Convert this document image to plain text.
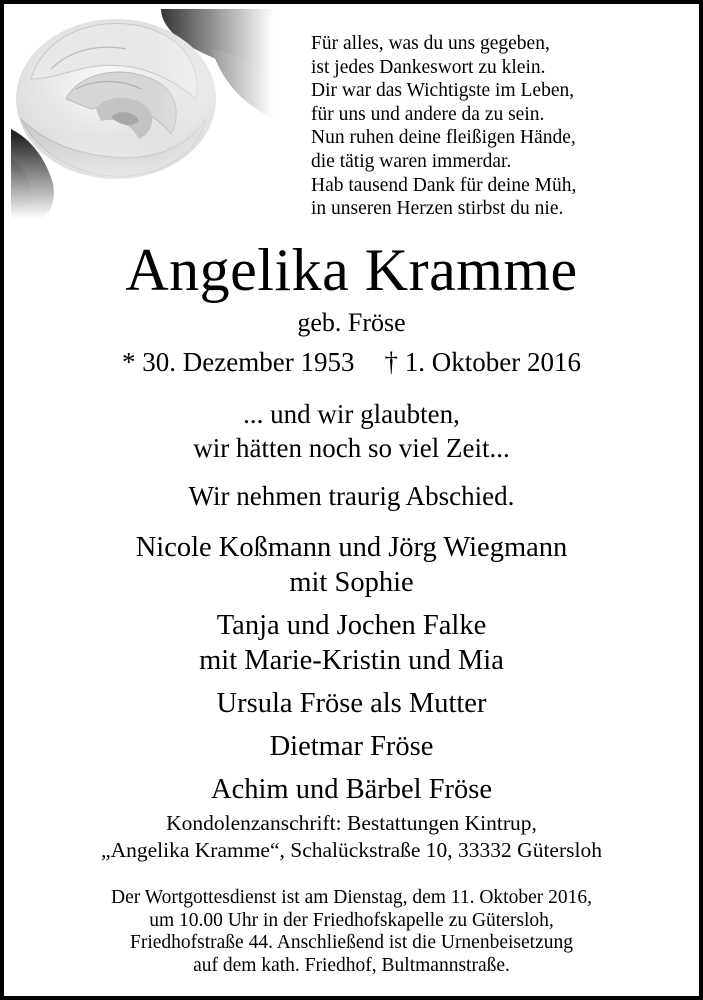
Für alles, was du uns gegeben,
ist jedes Dankeswort zu klein.
Dir war das Wichtigste im Leben,
für uns und andere da zu sein.
Nun ruhen deine fleißigen Hände,
die tätig waren immerdar.
Hab tausend Dank für deine Müh,
in unseren Herzen stirbst du nie.
Angelika Kramme
geb. Fröse
* 30. Dezember 1953 † 1. Oktober 2016
... und wir glaubten,
wir hätten noch so viel Zeit...
Wir nehmen traurig Abschied.
Nicole Koßmann und Jörg Wiegmann
mit Sophie
Tanja und Jochen Falke
mit Marie-Kristin und Mia
Ursula Fröse als Mutter
Dietmar Fröse
Achim und Bärbel Fröse
Kondolenzanschrift: Bestattungen Kintrup,
„Angelika Kramme“, Schalückstraße 10, 33332 Gütersloh
Der Wortgottesdienst ist am Dienstag, dem 11. Oktober 2016,
um 10.00 Uhr in der Friedhofskapelle zu Gütersloh,
Friedhofstraße 44. Anschließend ist die Urnenbeisetzung
auf dem kath. Friedhof, Bultmannstraße.
